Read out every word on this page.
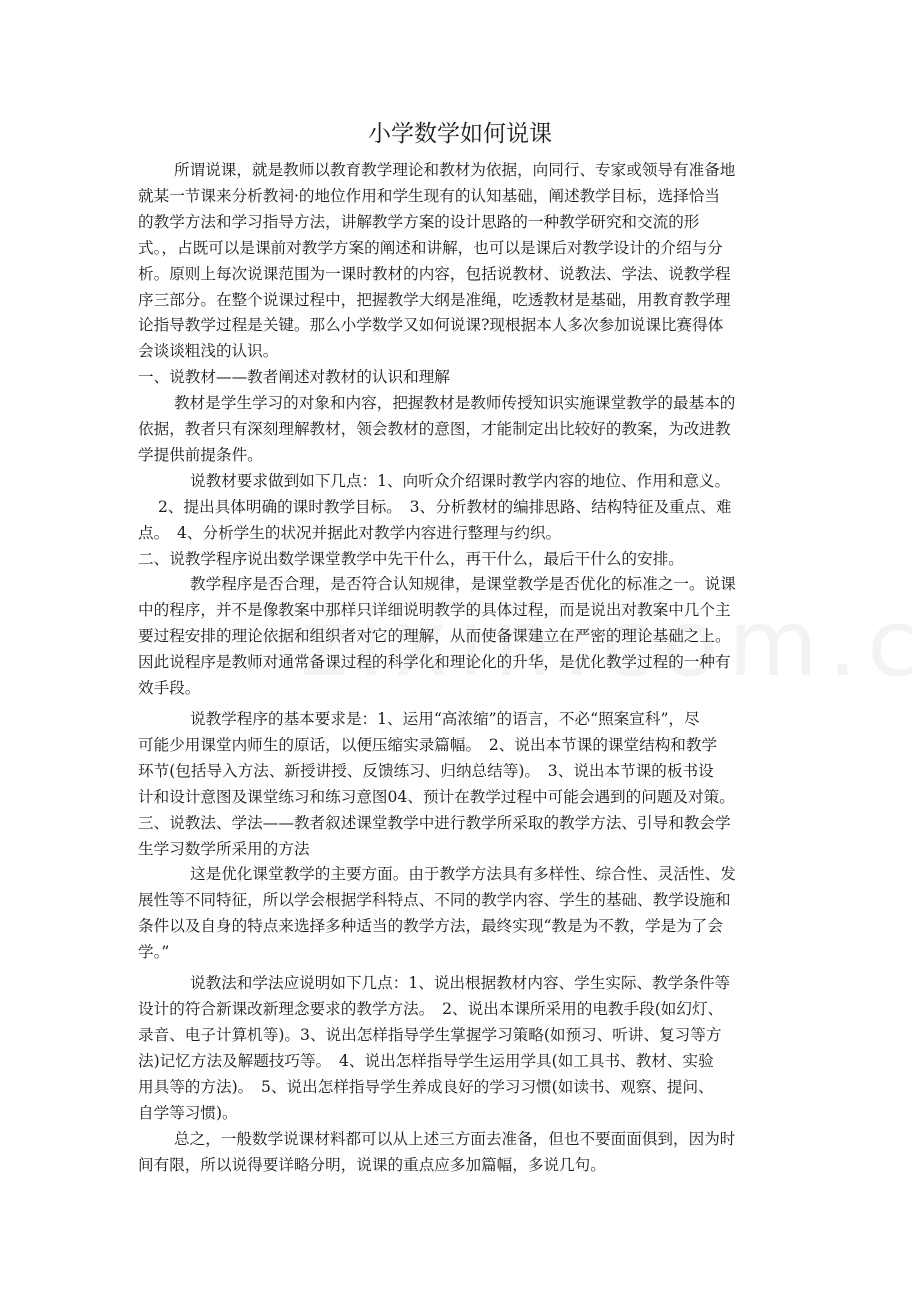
小学数学如何说课
所谓说课，就是教师以教育教学理论和教材为依据，向同行、专家或领导有准备地
就某一节课来分析教祠·的地位作用和学生现有的认知基础，阐述教学目标，选择恰当
的教学方法和学习指导方法，讲解教学方案的设计思路的一种教学研究和交流的形
式。，占既可以是课前对教学方案的阐述和讲解，也可以是课后对教学设计的介绍与分
析。原则上每次说课范围为一课时教材的内容，包括说教材、说教法、学法、说教学程
序三部分。在整个说课过程中，把握教学大纲是准绳，吃透教材是基础，用教育教学理
论指导教学过程是关键。那么小学数学又如何说课?现根据本人多次参加说课比赛得体
会谈谈粗浅的认识。
一、说教材——教者阐述对教材的认识和理解
教材是学生学习的对象和内容，把握教材是教师传授知识实施课堂教学的最基本的
依据，教者只有深刻理解教材，领会教材的意图，才能制定出比较好的教案，为改进教
学提供前提条件。
说教材要求做到如下几点：1、向听众介绍课时教学内容的地位、作用和意义。
2、提出具体明确的课时教学目标。　3、分析教材的编排思路、结构特征及重点、难
点。　4、分析学生的状况并据此对教学内容进行整理与约织。
二、说教学程序说出数学课堂教学中先干什么，再干什么，最后干什么的安排。
教学程序是否合理，是否符合认知规律，是课堂教学是否优化的标准之一。说课
中的程序，并不是像教案中那样只详细说明教学的具体过程，而是说出对教案中几个主
要过程安排的理论依据和组织者对它的理解，从而使备课建立在严密的理论基础之上。
因此说程序是教师对通常备课过程的科学化和理论化的升华，是优化教学过程的一种有
效手段。
说教学程序的基本要求是：1、运用“高浓缩”的语言，不必“照案宣科”，尽
可能少用课堂内师生的原话，以便压缩实录篇幅。　2、说出本节课的课堂结构和教学
环节(包括导入方法、新授讲授、反馈练习、归纳总结等)。　3、说出本节课的板书设
计和设计意图及课堂练习和练习意图04、预计在教学过程中可能会遇到的问题及对策。
三、说教法、学法——教者叙述课堂教学中进行教学所采取的教学方法、引导和教会学
生学习数学所采用的方法
这是优化课堂教学的主要方面。由于教学方法具有多样性、综合性、灵活性、发
展性等不同特征，所以学会根据学科特点、不同的教学内容、学生的基础、教学设施和
条件以及自身的特点来选择多种适当的教学方法，最终实现“教是为不教，学是为了会
学。”
说教法和学法应说明如下几点：1、说出根据教材内容、学生实际、教学条件等
设计的符合新课改新理念要求的教学方法。　2、说出本课所采用的电教手段(如幻灯、
录音、电子计算机等)。3、说出怎样指导学生掌握学习策略(如预习、听讲、复习等方
法)记忆方法及解题技巧等。　4、说出怎样指导学生运用学具(如工具书、教材、实验
用具等的方法)。　5、说出怎样指导学生养成良好的学习习惯(如读书、观察、提问、
自学等习惯)。
总之，一般数学说课材料都可以从上述三方面去准备，但也不要面面俱到，因为时
间有限，所以说得要详略分明，说课的重点应多加篇幅，多说几句。
